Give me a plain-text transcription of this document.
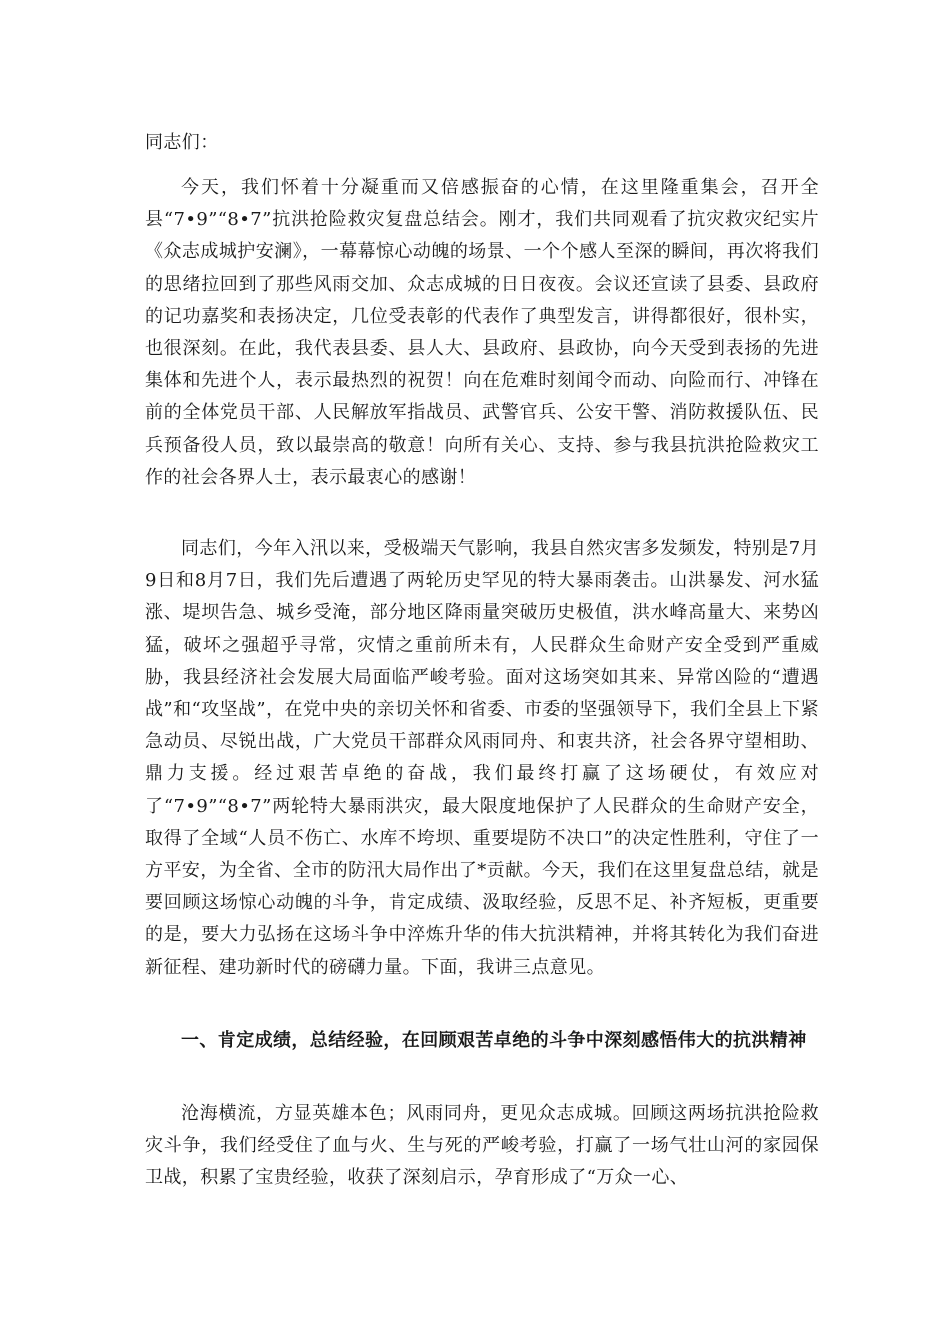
同志们：
今天，我们怀着十分凝重而又倍感振奋的心情，在这里隆重集会，召开全县“7•9”“8•7”抗洪抢险救灾复盘总结会。刚才，我们共同观看了抗灾救灾纪实片《众志成城护安澜》，一幕幕惊心动魄的场景、一个个感人至深的瞬间，再次将我们的思绪拉回到了那些风雨交加、众志成城的日日夜夜。会议还宣读了县委、县政府的记功嘉奖和表扬决定，几位受表彰的代表作了典型发言，讲得都很好，很朴实，也很深刻。在此，我代表县委、县人大、县政府、县政协，向今天受到表扬的先进集体和先进个人，表示最热烈的祝贺！向在危难时刻闻令而动、向险而行、冲锋在前的全体党员干部、人民解放军指战员、武警官兵、公安干警、消防救援队伍、民兵预备役人员，致以最崇高的敬意！向所有关心、支持、参与我县抗洪抢险救灾工作的社会各界人士，表示最衷心的感谢！
同志们，今年入汛以来，受极端天气影响，我县自然灾害多发频发，特别是7月9日和8月7日，我们先后遭遇了两轮历史罕见的特大暴雨袭击。山洪暴发、河水猛涨、堤坝告急、城乡受淹，部分地区降雨量突破历史极值，洪水峰高量大、来势凶猛，破坏之强超乎寻常，灾情之重前所未有，人民群众生命财产安全受到严重威胁，我县经济社会发展大局面临严峻考验。面对这场突如其来、异常凶险的“遭遇战”和“攻坚战”，在党中央的亲切关怀和省委、市委的坚强领导下，我们全县上下紧急动员、尽锐出战，广大党员干部群众风雨同舟、和衷共济，社会各界守望相助、鼎力支援。经过艰苦卓绝的奋战，我们最终打赢了这场硬仗，有效应对了“7•9”“8•7”两轮特大暴雨洪灾，最大限度地保护了人民群众的生命财产安全，取得了全域“人员不伤亡、水库不垮坝、重要堤防不决口”的决定性胜利，守住了一方平安，为全省、全市的防汛大局作出了*贡献。今天，我们在这里复盘总结，就是要回顾这场惊心动魄的斗争，肯定成绩、汲取经验，反思不足、补齐短板，更重要的是，要大力弘扬在这场斗争中淬炼升华的伟大抗洪精神，并将其转化为我们奋进新征程、建功新时代的磅礴力量。下面，我讲三点意见。
一、肯定成绩，总结经验，在回顾艰苦卓绝的斗争中深刻感悟伟大的抗洪精神
沧海横流，方显英雄本色；风雨同舟，更见众志成城。回顾这两场抗洪抢险救灾斗争，我们经受住了血与火、生与死的严峻考验，打赢了一场气壮山河的家园保卫战，积累了宝贵经验，收获了深刻启示，孕育形成了“万众一心、
